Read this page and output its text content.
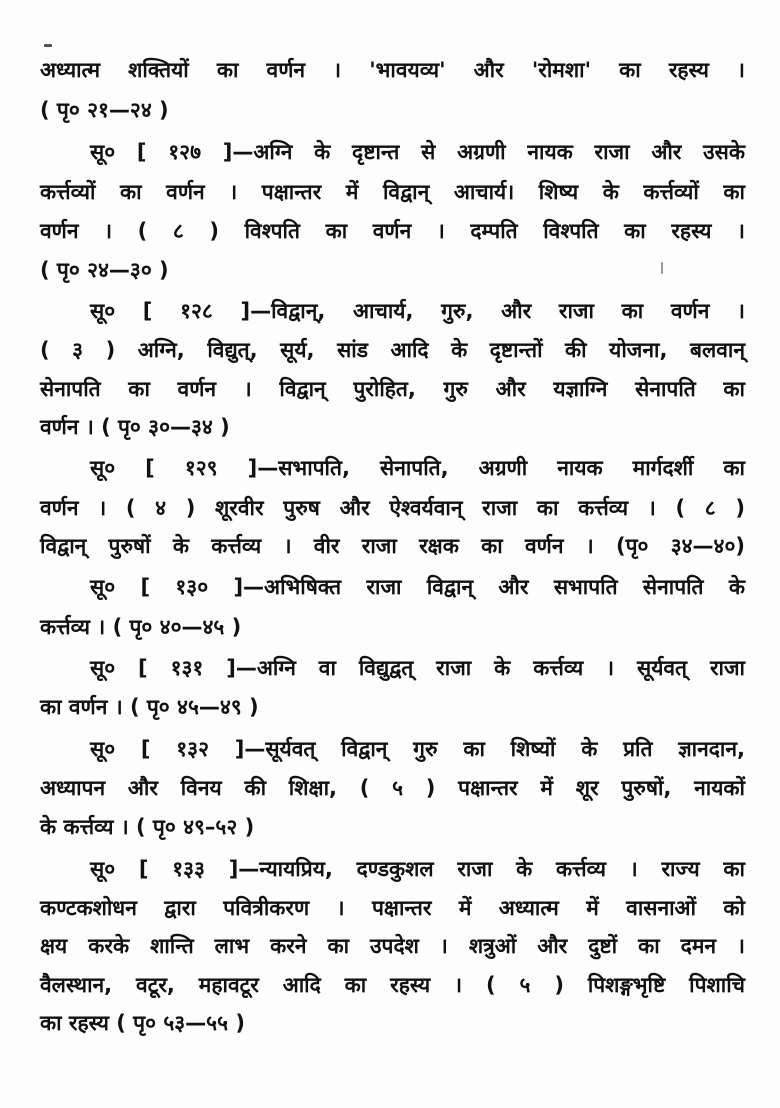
अध्यात्म शक्तियों का वर्णन । 'भावयव्य' और 'रोमशा' का रहस्य ।
( पृ० २१—२४ )
सू० [ १२७ ]—अग्नि के दृष्टान्त से अग्रणी नायक राजा और उसके
कर्त्तव्यों का वर्णन । पक्षान्तर में विद्वान् आचार्य। शिष्य के कर्त्तव्यों का
वर्णन । ( ८ ) विश्पति का वर्णन । दम्पति विश्पति का रहस्य ।
( पृ० २४—३० )
सू० [ १२८ ]—विद्वान्, आचार्य, गुरु, और राजा का वर्णन ।
( ३ ) अग्नि, विद्युत्, सूर्य, सांड आदि के दृष्टान्तों की योजना, बलवान्
सेनापति का वर्णन । विद्वान् पुरोहित, गुरु और यज्ञाग्नि सेनापति का
वर्णन । ( पृ० ३०—३४ )
सू० [ १२९ ]—सभापति, सेनापति, अग्रणी नायक मार्गदर्शी का
वर्णन । ( ४ ) शूरवीर पुरुष और ऐश्वर्यवान् राजा का कर्त्तव्य । ( ८ )
विद्वान् पुरुषों के कर्त्तव्य । वीर राजा रक्षक का वर्णन । (पृ० ३४—४०)
सू० [ १३० ]—अभिषिक्त राजा विद्वान् और सभापति सेनापति के
कर्त्तव्य । ( पृ० ४०—४५ )
सू० [ १३१ ]—अग्नि वा विद्युद्वत् राजा के कर्त्तव्य । सूर्यवत् राजा
का वर्णन । ( पृ० ४५—४९ )
सू० [ १३२ ]—सूर्यवत् विद्वान् गुरु का शिष्यों के प्रति ज्ञानदान,
अध्यापन और विनय की शिक्षा, ( ५ ) पक्षान्तर में शूर पुरुषों, नायकों
के कर्त्तव्य । ( पृ० ४९–५२ )
सू० [ १३३ ]—न्यायप्रिय, दण्डकुशल राजा के कर्त्तव्य । राज्य का
कण्टकशोधन द्वारा पवित्रीकरण । पक्षान्तर में अध्यात्म में वासनाओं को
क्षय करके शान्ति लाभ करने का उपदेश । शत्रुओं और दुष्टों का दमन ।
वैलस्थान, वटूर, महावटूर आदि का रहस्य । ( ५ ) पिशङ्गभृष्टि पिशाचि
का रहस्य ( पृ० ५३—५५ )
